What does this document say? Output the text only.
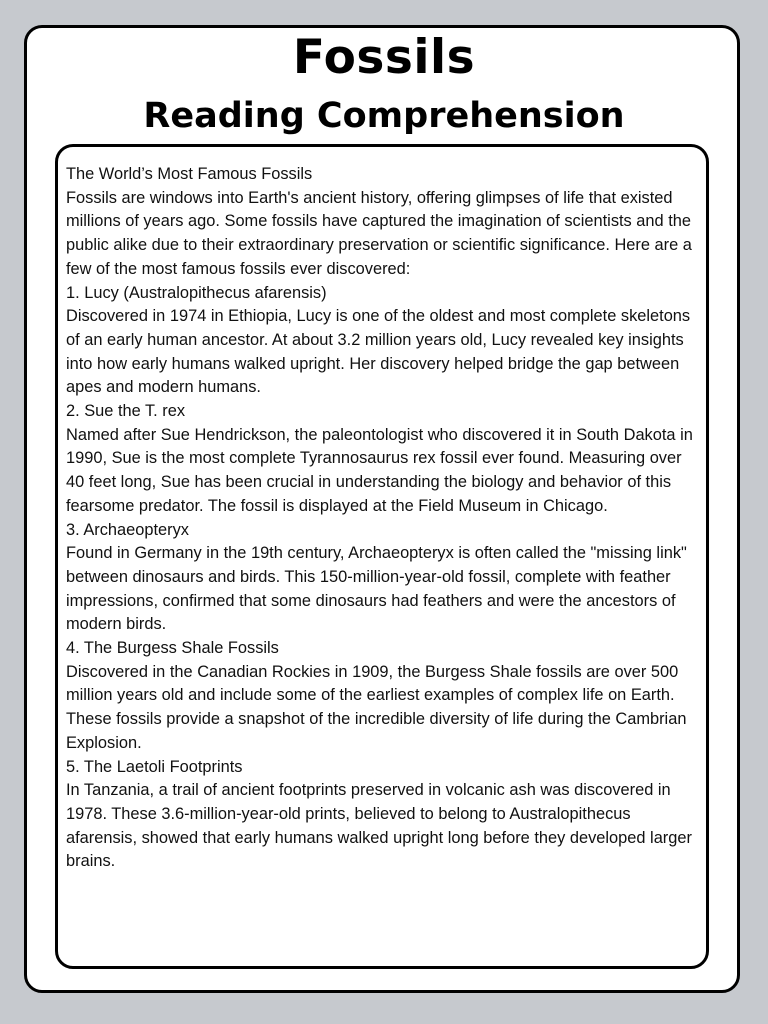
Fossils
Reading Comprehension

The World’s Most Famous Fossils

Fossils are windows into Earth's ancient history, offering glimpses of life that existed millions of years ago. Some fossils have captured the imagination of scientists and the public alike due to their extraordinary preservation or scientific significance. Here are a few of the most famous fossils ever discovered:

1. Lucy (Australopithecus afarensis)

Discovered in 1974 in Ethiopia, Lucy is one of the oldest and most complete skeletons of an early human ancestor. At about 3.2 million years old, Lucy revealed key insights into how early humans walked upright. Her discovery helped bridge the gap between apes and modern humans.

2. Sue the T. rex

Named after Sue Hendrickson, the paleontologist who discovered it in South Dakota in 1990, Sue is the most complete Tyrannosaurus rex fossil ever found. Measuring over 40 feet long, Sue has been crucial in understanding the biology and behavior of this fearsome predator. The fossil is displayed at the Field Museum in Chicago.

3. Archaeopteryx

Found in Germany in the 19th century, Archaeopteryx is often called the "missing link" between dinosaurs and birds. This 150-million-year-old fossil, complete with feather impressions, confirmed that some dinosaurs had feathers and were the ancestors of modern birds.

4. The Burgess Shale Fossils

Discovered in the Canadian Rockies in 1909, the Burgess Shale fossils are over 500 million years old and include some of the earliest examples of complex life on Earth. These fossils provide a snapshot of the incredible diversity of life during the Cambrian Explosion.

5. The Laetoli Footprints

In Tanzania, a trail of ancient footprints preserved in volcanic ash was discovered in 1978. These 3.6-million-year-old prints, believed to belong to Australopithecus afarensis, showed that early humans walked upright long before they developed larger brains.
